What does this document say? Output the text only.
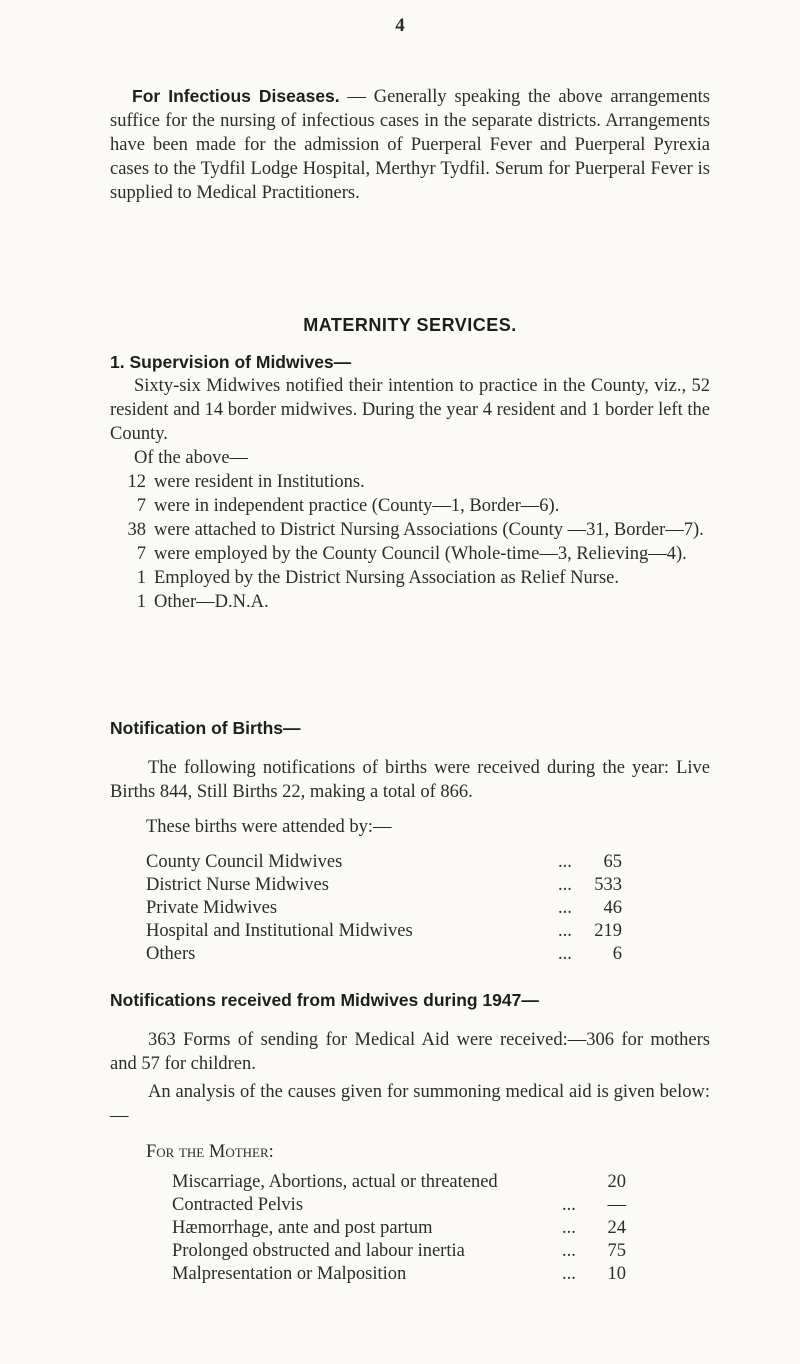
4
For Infectious Diseases. — Generally speaking the above arrangements suffice for the nursing of infectious cases in the separate districts. Arrangements have been made for the admission of Puerperal Fever and Puerperal Pyrexia cases to the Tydfil Lodge Hospital, Merthyr Tydfil. Serum for Puerperal Fever is supplied to Medical Practitioners.
MATERNITY SERVICES.
1. Supervision of Midwives—
Sixty-six Midwives notified their intention to practice in the County, viz., 52 resident and 14 border midwives. During the year 4 resident and 1 border left the County.
Of the above—
12 were resident in Institutions.
7 were in independent practice (County—1, Border—6).
38 were attached to District Nursing Associations (County —31, Border—7).
7 were employed by the County Council (Whole-time—3, Relieving—4).
1 Employed by the District Nursing Association as Relief Nurse.
1 Other—D.N.A.
Notification of Births—
The following notifications of births were received during the year: Live Births 844, Still Births 22, making a total of 866.
These births were attended by:—
County Council Midwives	...	65
District Nurse Midwives	...	533
Private Midwives	...	46
Hospital and Institutional Midwives	...	219
Others	...	6
Notifications received from Midwives during 1947—
363 Forms of sending for Medical Aid were received:—306 for mothers and 57 for children.
An analysis of the causes given for summoning medical aid is given below:—
For the Mother:
Miscarriage, Abortions, actual or threatened	20
Contracted Pelvis	...	—
Hæmorrhage, ante and post partum	...	24
Prolonged obstructed and labour inertia	...	75
Malpresentation or Malposition	...	10
